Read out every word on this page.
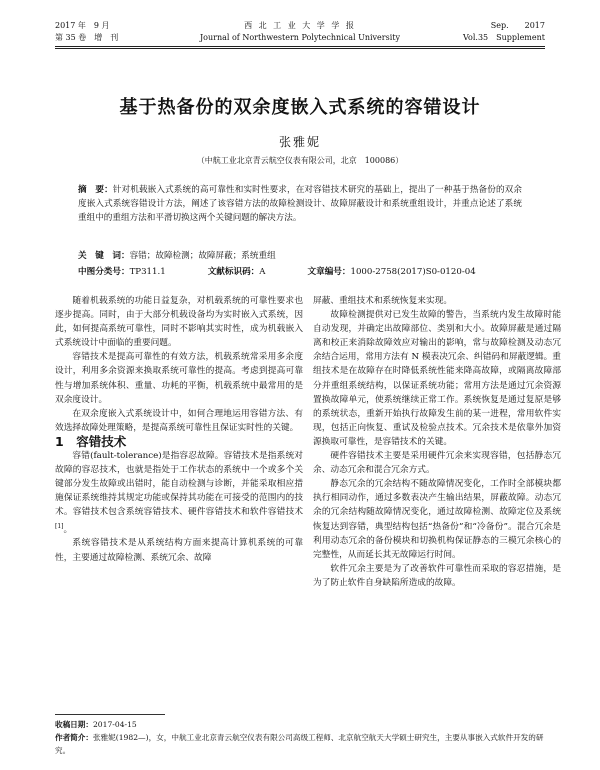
2017 年　9 月
第 35 卷　增　刊
西 北 工 业 大 学 学 报
Journal of Northwestern Polytechnical University
Sep.　　2017
Vol.35　Supplement
基于热备份的双余度嵌入式系统的容错设计
张雅妮
（中航工业北京青云航空仪表有限公司，北京　100086）
摘　要：针对机载嵌入式系统的高可靠性和实时性要求，在对容错技术研究的基础上，提出了一种基于热备份的双余度嵌入式系统容错设计方法，阐述了该容错方法的故障检测设计、故障屏蔽设计和系统重组设计，并重点论述了系统重组中的重组方法和平滑切换这两个关键问题的解决方法。
关　键　词：容错；故障检测；故障屏蔽；系统重组
中图分类号：TP311.1	文献标识码：A	文章编号：1000-2758(2017)S0-0120-04

随着机载系统的功能日益复杂，对机载系统的可靠性要求也逐步提高。同时，由于大部分机载设备均为实时嵌入式系统，因此，如何提高系统可靠性，同时不影响其实时性，成为机载嵌入式系统设计中面临的重要问题。

容错技术是提高可靠性的有效方法，机载系统常采用多余度设计，利用多余资源来换取系统可靠性的提高。考虑到提高可靠性与增加系统体积、重量、功耗的平衡，机载系统中最常用的是双余度设计。

在双余度嵌入式系统设计中，如何合理地运用容错方法、有效选择故障处理策略，是提高系统可靠性且保证实时性的关键。

1　容错技术

容错(fault-tolerance)是指容忍故障。容错技术是指系统对故障的容忍技术，也就是指处于工作状态的系统中一个或多个关键部分发生故障或出错时，能自动检测与诊断，并能采取相应措施保证系统维持其规定功能或保持其功能在可接受的范围内的技术。容错技术包含系统容错技术、硬件容错技术和软件容错技术[1]。

系统容错技术是从系统结构方面来提高计算机系统的可靠性，主要通过故障检测、系统冗余、故障

屏蔽、重组技术和系统恢复来实现。

故障检测提供对已发生故障的警告，当系统内发生故障时能自动发现，并确定出故障部位、类别和大小。故障屏蔽是通过隔离和校正来消除故障效应对输出的影响，常与故障检测及动态冗余结合运用，常用方法有 N 模表决冗余、纠错码和屏蔽逻辑。重组技术是在故障存在时降低系统性能来降高故障，或隔离故障部分并重组系统结构，以保证系统功能；常用方法是通过冗余资源置换故障单元，使系统继续正常工作。系统恢复是通过复原是够的系统状态，重新开始执行故障发生前的某一进程，常用软件实现，包括正向恢复、重试及检验点技术。冗余技术是依靠外加资源换取可靠性，是容错技术的关键。

硬件容错技术主要是采用硬件冗余来实现容错，包括静态冗余、动态冗余和混合冗余方式。

静态冗余的冗余结构不随故障情况变化，工作时全部模块都执行相同动作，通过多数表决产生输出结果，屏蔽故障。动态冗余的冗余结构随故障情况变化，通过故障检测、故障定位及系统恢复达到容错，典型结构包括“热备份”和“冷备份”。混合冗余是利用动态冗余的备份模块和切换机构保证静态的三模冗余核心的完整性，从而延长其无故障运行时间。

软件冗余主要是为了改善软件可靠性而采取的容忍措施，是为了防止软件自身缺陷所造成的故障。

收稿日期：2017-04-15

作者简介：张雅妮(1982—)，女，中航工业北京青云航空仪表有限公司高级工程师、北京航空航天大学硕士研究生，主要从事嵌入式软件开发的研究。
